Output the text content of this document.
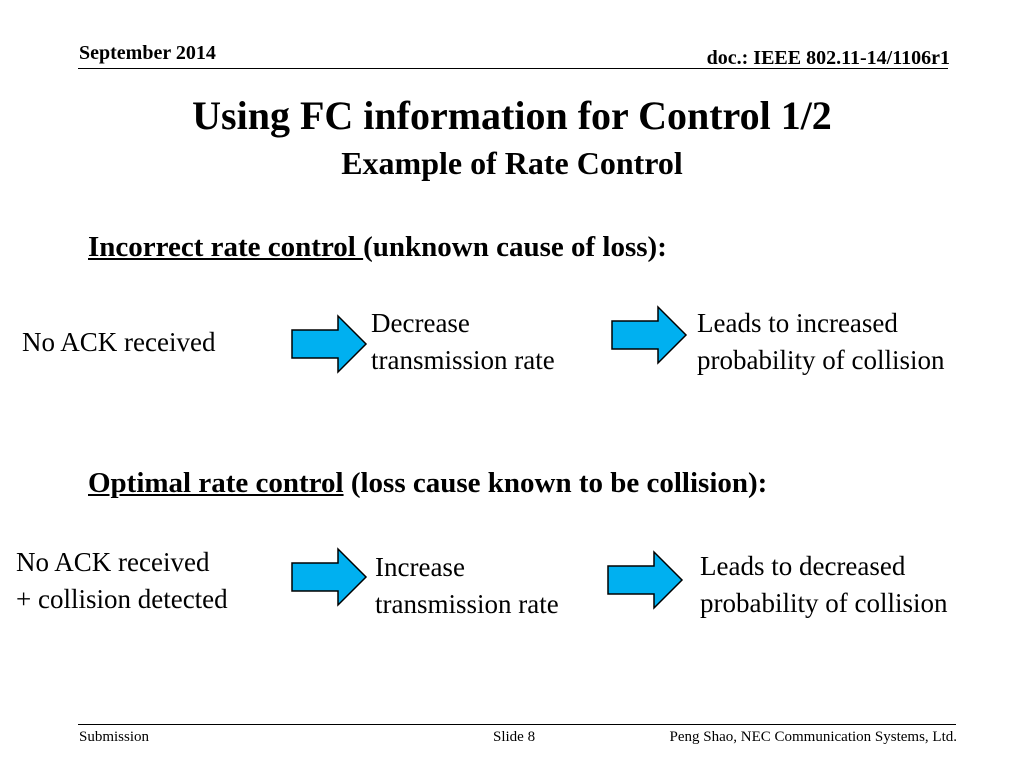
September 2014	doc.: IEEE 802.11-14/1106r1
Using FC information for Control 1/2
Example of Rate Control
Incorrect rate control (unknown cause of loss):
No ACK received
Decrease
transmission rate
Leads to increased
probability of collision
Optimal rate control (loss cause known to be collision):
No ACK received
+ collision detected
Increase
transmission rate
Leads to decreased
probability of collision
Submission	Slide 8	Peng Shao, NEC Communication Systems, Ltd.
